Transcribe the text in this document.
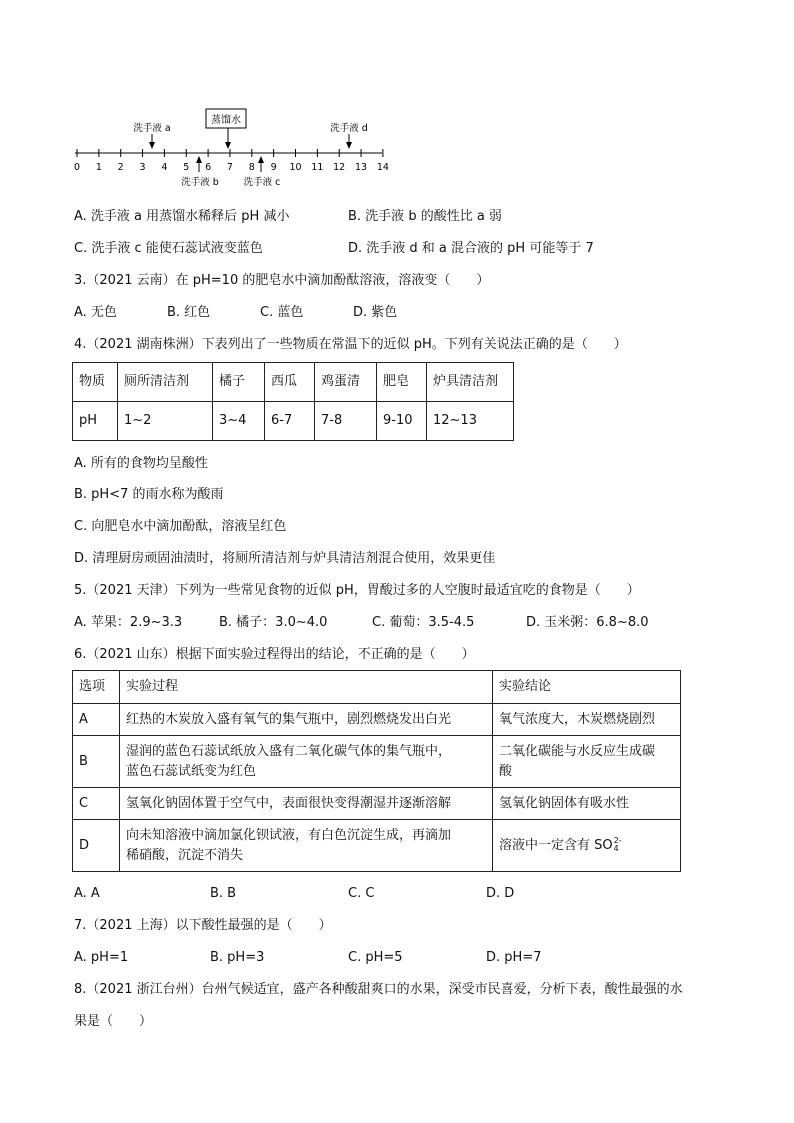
0 1 2 3 4 5 6 7 8 9 10 11 12 13 14
蒸馏水
洗手液 a	洗手液 d
洗手液 b	洗手液 c
A. 洗手液 a 用蒸馏水稀释后 pH 减小	B. 洗手液 b 的酸性比 a 弱
C. 洗手液 c 能使石蕊试液变蓝色	D. 洗手液 d 和 a 混合液的 pH 可能等于 7
3.（2021 云南）在 pH=10 的肥皂水中滴加酚酞溶液，溶液变（　　）
A. 无色	B. 红色	C. 蓝色	D. 紫色
4.（2021 湖南株洲）下表列出了一些物质在常温下的近似 pH。下列有关说法正确的是（　　）
物质	厕所清洁剂	橘子	西瓜	鸡蛋清	肥皂	炉具清洁剂
pH	1~2	3~4	6-7	7-8	9-10	12~13
A. 所有的食物均呈酸性
B. pH<7 的雨水称为酸雨
C. 向肥皂水中滴加酚酞，溶液呈红色
D. 清理厨房顽固油渍时，将厕所清洁剂与炉具清洁剂混合使用，效果更佳
5.（2021 天津）下列为一些常见食物的近似 pH，胃酸过多的人空腹时最适宜吃的食物是（　　）
A. 苹果：2.9~3.3	B. 橘子：3.0~4.0	C. 葡萄：3.5-4.5	D. 玉米粥：6.8~8.0
6.（2021 山东）根据下面实验过程得出的结论，不正确的是（　　）
选项	实验过程	实验结论
A	红热的木炭放入盛有氧气的集气瓶中，剧烈燃烧发出白光	氧气浓度大，木炭燃烧剧烈
B	湿润的蓝色石蕊试纸放入盛有二氧化碳气体的集气瓶中，
蓝色石蕊试纸变为红色	二氧化碳能与水反应生成碳
酸
C	氢氧化钠固体置于空气中，表面很快变得潮湿并逐渐溶解	氢氧化钠固体有吸水性
D	向未知溶液中滴加氯化钡试液，有白色沉淀生成，再滴加
稀硝酸，沉淀不消失	溶液中一定含有 SO2-
4
A. A	B. B	C. C	D. D
7.（2021 上海）以下酸性最强的是（　　）
A. pH=1	B. pH=3	C. pH=5	D. pH=7
8.（2021 浙江台州）台州气候适宜，盛产各种酸甜爽口的水果，深受市民喜爱，分析下表，酸性最强的水
果是（　　）
